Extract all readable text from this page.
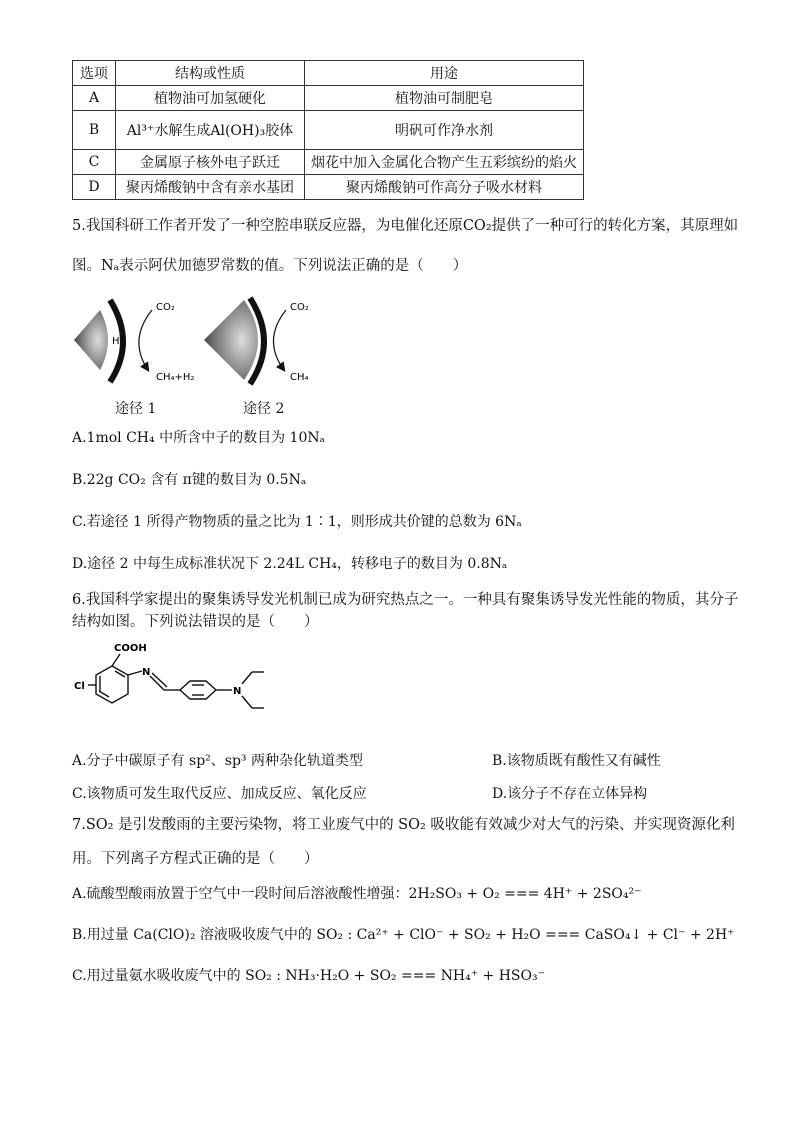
选项	结构或性质	用途
A	植物油可加氢硬化	植物油可制肥皂
B	Al³⁺水解生成Al(OH)₃胶体	明矾可作净水剂
C	金属原子核外电子跃迁	烟花中加入金属化合物产生五彩缤纷的焰火
D	聚丙烯酸钠中含有亲水基团	聚丙烯酸钠可作高分子吸水材料
5.我国科研工作者开发了一种空腔串联反应器，为电催化还原CO₂提供了一种可行的转化方案，其原理如
图。Nₐ表示阿伏加德罗常数的值。下列说法正确的是（　　）
CO₂
H⁺
CH₄+H₂
CO₂
CH₄
途径 1	途径 2
A.1mol CH₄ 中所含中子的数目为 10Nₐ
B.22g CO₂ 含有 π键的数目为 0.5Nₐ
C.若途径 1 所得产物物质的量之比为 1∶1，则形成共价键的总数为 6Nₐ
D.途径 2 中每生成标准状况下 2.24L CH₄，转移电子的数目为 0.8Nₐ
6.我国科学家提出的聚集诱导发光机制已成为研究热点之一。一种具有聚集诱导发光性能的物质，其分子
结构如图。下列说法错误的是（　　）
COOH
Cl
N
N
A.分子中碳原子有 sp²、sp³ 两种杂化轨道类型	B.该物质既有酸性又有碱性
C.该物质可发生取代反应、加成反应、氧化反应	D.该分子不存在立体异构
7.SO₂ 是引发酸雨的主要污染物，将工业废气中的 SO₂ 吸收能有效减少对大气的污染、并实现资源化利
用。下列离子方程式正确的是（　　）
A.硫酸型酸雨放置于空气中一段时间后溶液酸性增强：2H₂SO₃ + O₂ === 4H⁺ + 2SO₄²⁻
B.用过量 Ca(ClO)₂ 溶液吸收废气中的 SO₂ : Ca²⁺ + ClO⁻ + SO₂ + H₂O === CaSO₄↓ + Cl⁻ + 2H⁺
C.用过量氨水吸收废气中的 SO₂ : NH₃·H₂O + SO₂ === NH₄⁺ + HSO₃⁻
